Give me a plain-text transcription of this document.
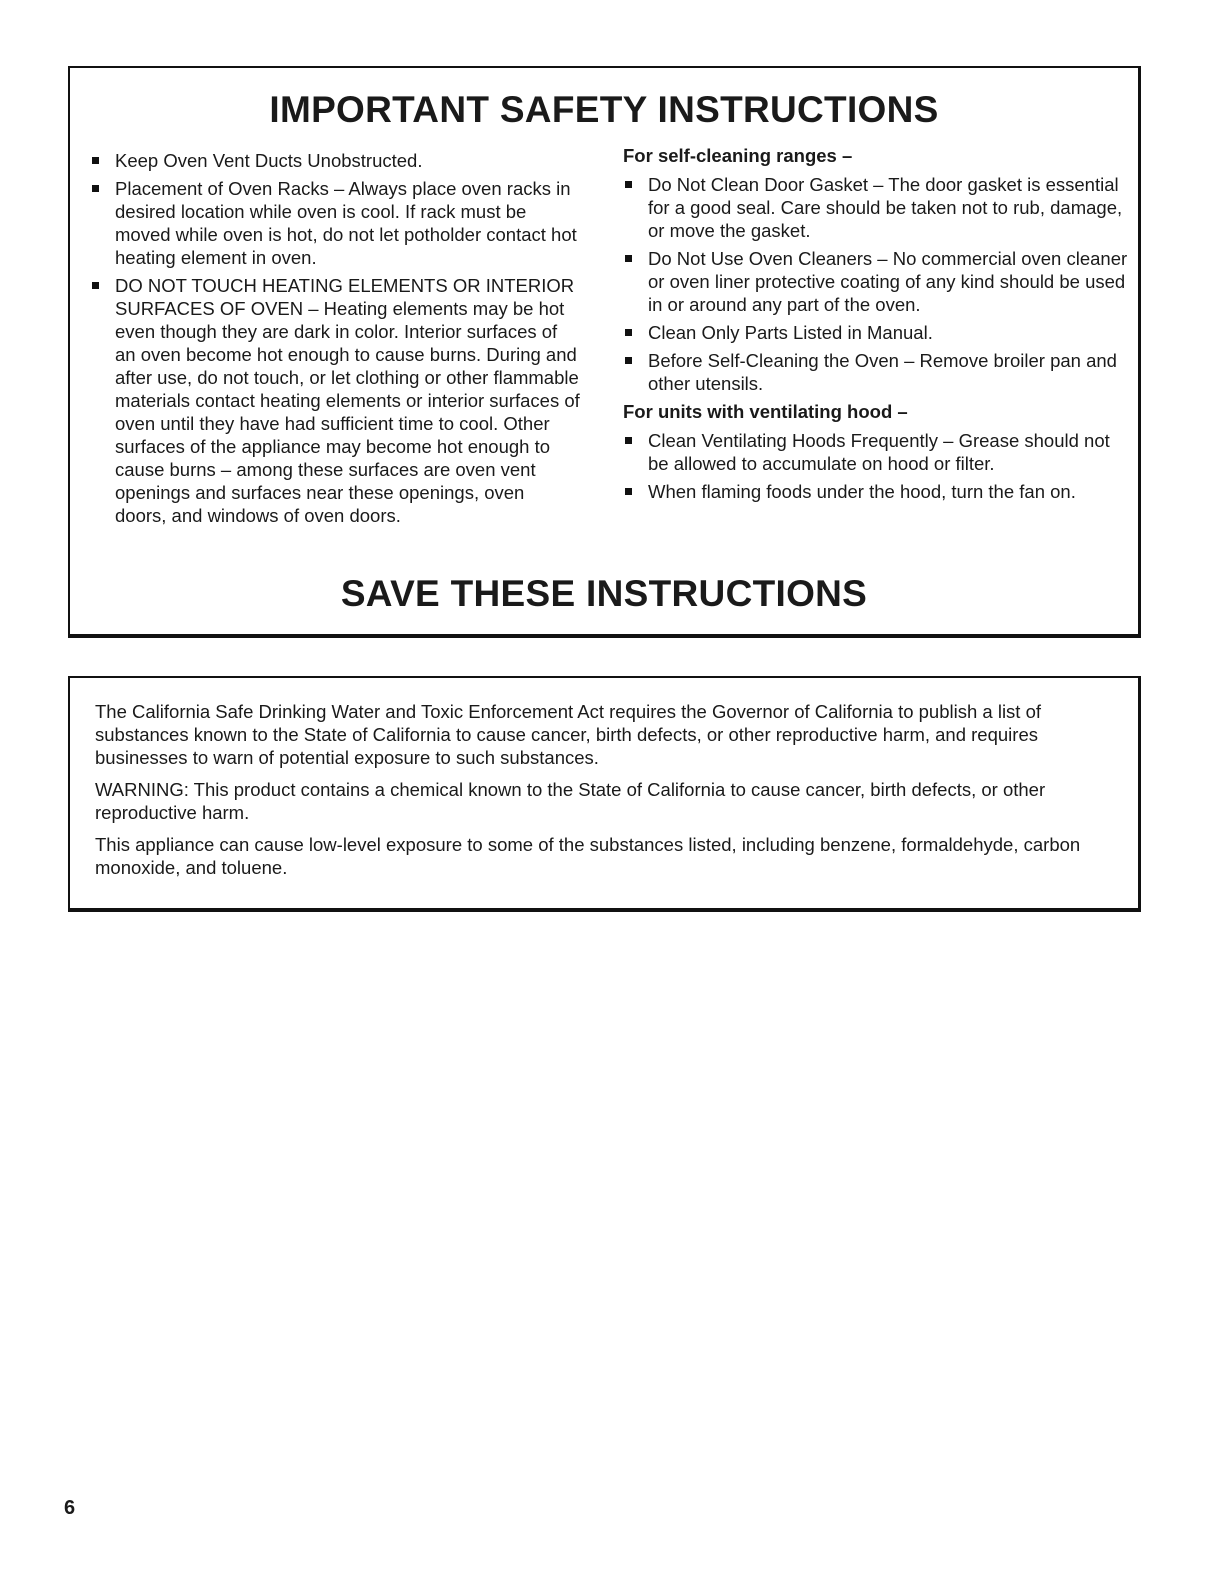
IMPORTANT SAFETY INSTRUCTIONS
Keep Oven Vent Ducts Unobstructed.
Placement of Oven Racks – Always place oven racks in desired location while oven is cool. If rack must be moved while oven is hot, do not let potholder contact hot heating element in oven.
DO NOT TOUCH HEATING ELEMENTS OR INTERIOR SURFACES OF OVEN – Heating elements may be hot even though they are dark in color. Interior surfaces of an oven become hot enough to cause burns. During and after use, do not touch, or let clothing or other flammable materials contact heating elements or interior surfaces of oven until they have had sufficient time to cool. Other surfaces of the appliance may become hot enough to cause burns – among these surfaces are oven vent openings and surfaces near these openings, oven doors, and windows of oven doors.

For self-cleaning ranges –

Do Not Clean Door Gasket – The door gasket is essential for a good seal. Care should be taken not to rub, damage, or move the gasket.
Do Not Use Oven Cleaners – No commercial oven cleaner or oven liner protective coating of any kind should be used in or around any part of the oven.
Clean Only Parts Listed in Manual.
Before Self-Cleaning the Oven – Remove broiler pan and other utensils.

For units with ventilating hood –

Clean Ventilating Hoods Frequently – Grease should not be allowed to accumulate on hood or filter.
When flaming foods under the hood, turn the fan on.
SAVE THESE INSTRUCTIONS

The California Safe Drinking Water and Toxic Enforcement Act requires the Governor of California to publish a list of substances known to the State of California to cause cancer, birth defects, or other reproductive harm, and requires businesses to warn of potential exposure to such substances.

WARNING: This product contains a chemical known to the State of California to cause cancer, birth defects, or other reproductive harm.

This appliance can cause low-level exposure to some of the substances listed, including benzene, formaldehyde, carbon monoxide, and toluene.

6
